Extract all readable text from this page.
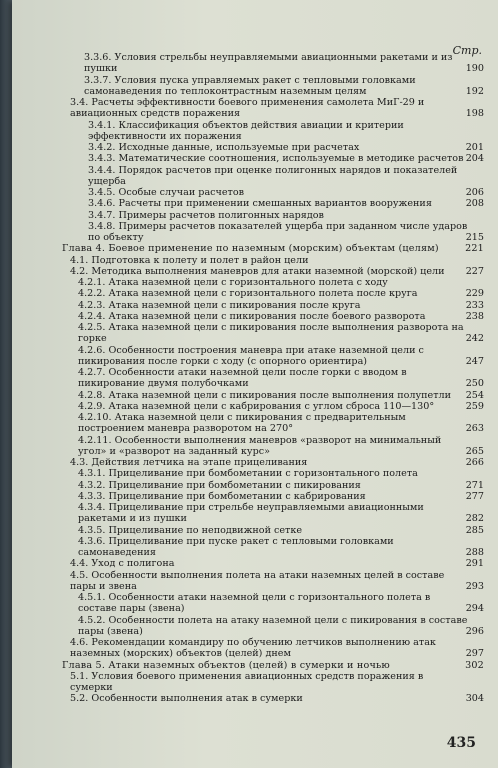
Стр.
3.3.6. Условия стрельбы неуправляемыми авиационными ракетами и из пушки	190
3.3.7. Условия пуска управляемых ракет с тепловыми головками самонаведения по теплоконтрастным наземным целям	192
3.4. Расчеты эффективности боевого применения самолета МиГ-29 и авиационных средств поражения	198
3.4.1. Классификация объектов действия авиации и критерии эффективности их поражения
3.4.2. Исходные данные, используемые при расчетах	201
3.4.3. Математические соотношения, используемые в методике расчетов 204
3.4.4. Порядок расчетов при оценке полигонных нарядов и показателей ущерба
3.4.5. Особые случаи расчетов	206
3.4.6. Расчеты при применении смешанных вариантов вооружения	208
3.4.7. Примеры расчетов полигонных нарядов
3.4.8. Примеры расчетов показателей ущерба при заданном числе ударов по объекту	215
Глава 4. Боевое применение по наземным (морским) объектам (целям)	221
4.1. Подготовка к полету и полет в район цели
4.2. Методика выполнения маневров для атаки наземной (морской) цели	227
4.2.1. Атака наземной цели с горизонтального полета с ходу
4.2.2. Атака наземной цели с горизонтального полета после круга	229
4.2.3. Атака наземной цели с пикирования после круга	233
4.2.4. Атака наземной цели с пикирования после боевого разворота	238
4.2.5. Атака наземной цели с пикирования после выполнения разворота на горке	242
4.2.6. Особенности построения маневра при атаке наземной цели с пикирования после горки с ходу (с опорного ориентира)	247
4.2.7. Особенности атаки наземной цели после горки с вводом в пикирование двумя полубочками	250
4.2.8. Атака наземной цели с пикирования после выполнения полупетли	254
4.2.9. Атака наземной цели с кабрирования с углом сброса 110—130°	259
4.2.10. Атака наземной цели с пикирования с предварительным построением маневра разворотом на 270°	263
4.2.11. Особенности выполнения маневров «разворот на минимальный угол» и «разворот на заданный курс»	265
4.3. Действия летчика на этапе прицеливания	266
4.3.1. Прицеливание при бомбометании с горизонтального полета
4.3.2. Прицеливание при бомбометании с пикирования	271
4.3.3. Прицеливание при бомбометании с кабрирования	277
4.3.4. Прицеливание при стрельбе неуправляемыми авиационными ракетами и из пушки	282
4.3.5. Прицеливание по неподвижной сетке	285
4.3.6. Прицеливание при пуске ракет с тепловыми головками самонаведения	288
4.4. Уход с полигона	291
4.5. Особенности выполнения полета на атаки наземных целей в составе пары и звена	293
4.5.1. Особенности атаки наземной цели с горизонтального полета в составе пары (звена)	294
4.5.2. Особенности полета на атаку наземной цели с пикирования в составе пары (звена)	296
4.6. Рекомендации командиру по обучению летчиков выполнению атак наземных (морских) объектов (целей) днем	297
Глава 5. Атаки наземных объектов (целей) в сумерки и ночью	302
5.1. Условия боевого применения авиационных средств поражения в сумерки
5.2. Особенности выполнения атак в сумерки	304
435
